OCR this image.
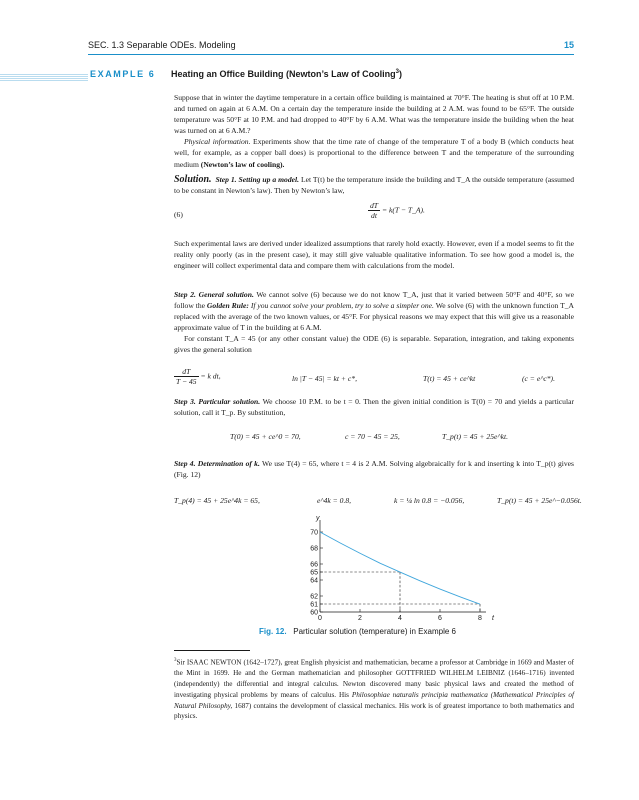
SEC. 1.3 Separable ODEs. Modeling	15
EXAMPLE 6 Heating an Office Building (Newton’s Law of Cooling$^3$)

Suppose that in winter the daytime temperature in a certain office building is maintained at 70°F. The heating is shut off at 10 P.M. and turned on again at 6 A.M. On a certain day the temperature inside the building at 2 A.M. was found to be 65°F. The outside temperature was 50°F at 10 P.M. and had dropped to 40°F by 6 A.M. What was the temperature inside the building when the heat was turned on at 6 A.M.?

Physical information. Experiments show that the time rate of change of the temperature T of a body B (which conducts heat well, for example, as a copper ball does) is proportional to the difference between T and the temperature of the surrounding medium (Newton’s law of cooling).

Solution. Step 1. Setting up a model. Let T(t) be the temperature inside the building and T_A the outside temperature (assumed to be constant in Newton’s law). Then by Newton’s law,

(6)	$\frac{dT}{dt} = k(T$ − T_A).

Such experimental laws are derived under idealized assumptions that rarely hold exactly. However, even if a model seems to fit the reality only poorly (as in the present case), it may still give valuable qualitative information. To see how good a model is, the engineer will collect experimental data and compare them with calculations from the model.

Step 2. General solution. We cannot solve (6) because we do not know T_A, just that it varied between 50°F and 40°F, so we follow the Golden Rule: If you cannot solve your problem, try to solve a simpler one. We solve (6) with the unknown function T_A replaced with the average of the two known values, or 45°F. For physical reasons we may expect that this will give us a reasonable approximate value of T in the building at 6 A.M.

For constant T_A = 45 (or any other constant value) the ODE (6) is separable. Separation, integration, and taking exponents gives the general solution

$\frac{dT}{T - 45} = k$ dt,	ln |T − 45| = kt + c*,	T(t) = 45 + ce^kt	(c = e^c*).

Step 3. Particular solution. We choose 10 P.M. to be t = 0. Then the given initial condition is T(0) = 70 and yields a particular solution, call it T_p. By substitution,

T(0) = 45 + ce^0 = 70,	c = 70 − 45 = 25,	T_p(t) = 45 + 25e^kt.

Step 4. Determination of k. We use T(4) = 65, where t = 4 is 2 A.M. Solving algebraically for k and inserting k into T_p(t) gives (Fig. 12)

T_p(4) = 45 + 25e^4k = 65,	e^4k = 0.8,	k = ¼ ln 0.8 = −0.056,	T_p(t) = 45 + 25e^−0.056t.
0	2	4	6	8
60
61
62
64
65
66
68
70
t
y
Fig. 12. Particular solution (temperature) in Example 6
$^3$Sir ISAAC NEWTON (1642–1727), great English physicist and mathematician, became a professor at Cambridge in 1669 and Master of the Mint in 1699. He and the German mathematician and philosopher GOTTFRIED WILHELM LEIBNIZ (1646–1716) invented (independently) the differential and integral calculus. Newton discovered many basic physical laws and created the method of investigating physical problems by means of calculus. His Philosophiae naturalis principia mathematica (Mathematical Principles of Natural Philosophy, 1687) contains the development of classical mechanics. His work is of greatest importance to both mathematics and physics.
